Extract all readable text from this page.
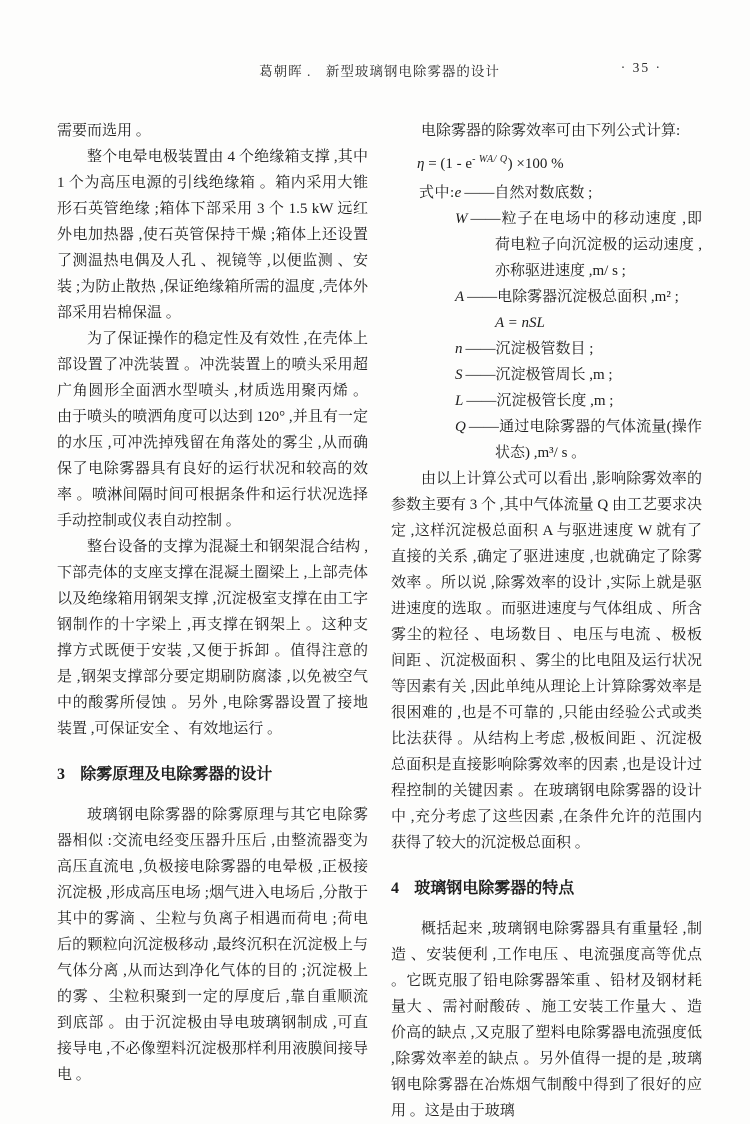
葛朝晖 .　新型玻璃钢电除雾器的设计	· 35 ·

需要而选用 。

整个电晕电极装置由 4 个绝缘箱支撑 ,其中 1 个为高压电源的引线绝缘箱 。箱内采用大锥形石英管绝缘 ;箱体下部采用 3 个 1.5 kW 远红外电加热器 ,使石英管保持干燥 ;箱体上还设置了测温热电偶及人孔 、视镜等 ,以便监测 、安装 ;为防止散热 ,保证绝缘箱所需的温度 ,壳体外部采用岩棉保温 。

为了保证操作的稳定性及有效性 ,在壳体上部设置了冲洗装置 。冲洗装置上的喷头采用超广角圆形全面洒水型喷头 ,材质选用聚丙烯 。由于喷头的喷洒角度可以达到 120° ,并且有一定的水压 ,可冲洗掉残留在角落处的雾尘 ,从而确保了电除雾器具有良好的运行状况和较高的效率 。喷淋间隔时间可根据条件和运行状况选择手动控制或仪表自动控制 。

整台设备的支撑为混凝土和钢架混合结构 ,下部壳体的支座支撑在混凝土圈梁上 ,上部壳体以及绝缘箱用钢架支撑 ,沉淀极室支撑在由工字钢制作的十字梁上 ,再支撑在钢架上 。这种支撑方式既便于安装 ,又便于拆卸 。值得注意的是 ,钢架支撑部分要定期刷防腐漆 ,以免被空气中的酸雾所侵蚀 。另外 ,电除雾器设置了接地装置 ,可保证安全 、有效地运行 。

3 除雾原理及电除雾器的设计

玻璃钢电除雾器的除雾原理与其它电除雾器相似 :交流电经变压器升压后 ,由整流器变为高压直流电 ,负极接电除雾器的电晕极 ,正极接沉淀极 ,形成高压电场 ;烟气进入电场后 ,分散于其中的雾滴 、尘粒与负离子相遇而荷电 ;荷电后的颗粒向沉淀极移动 ,最终沉积在沉淀极上与气体分离 ,从而达到净化气体的目的 ;沉淀极上的雾 、尘粒积聚到一定的厚度后 ,靠自重顺流到底部 。由于沉淀极由导电玻璃钢制成 ,可直接导电 ,不必像塑料沉淀极那样利用液膜间接导电 。

电除雾器的除雾效率可由下列公式计算:

$\eta = (1 - e^{- WA/ Q}) \times 100$ %
式中:e ——自然对数底数 ;
W ——粒子在电场中的移动速度 ,即荷电粒子向沉淀极的运动速度 ,亦称驱进速度 ,m/ s ;
A ——电除雾器沉淀极总面积 ,m² ;
A = nSL
n ——沉淀极管数目 ;
S ——沉淀极管周长 ,m ;
L ——沉淀极管长度 ,m ;
Q ——通过电除雾器的气体流量(操作状态) ,m³/ s 。

由以上计算公式可以看出 ,影响除雾效率的参数主要有 3 个 ,其中气体流量 Q 由工艺要求决定 ,这样沉淀极总面积 A 与驱进速度 W 就有了直接的关系 ,确定了驱进速度 ,也就确定了除雾效率 。所以说 ,除雾效率的设计 ,实际上就是驱进速度的选取 。而驱进速度与气体组成 、所含雾尘的粒径 、电场数目 、电压与电流 、极板间距 、沉淀极面积 、雾尘的比电阻及运行状况等因素有关 ,因此单纯从理论上计算除雾效率是很困难的 ,也是不可靠的 ,只能由经验公式或类比法获得 。从结构上考虑 ,极板间距 、沉淀极总面积是直接影响除雾效率的因素 ,也是设计过程控制的关键因素 。在玻璃钢电除雾器的设计中 ,充分考虑了这些因素 ,在条件允许的范围内获得了较大的沉淀极总面积 。

4 玻璃钢电除雾器的特点

概括起来 ,玻璃钢电除雾器具有重量轻 ,制造 、安装便利 ,工作电压 、电流强度高等优点 。它既克服了铅电除雾器笨重 、铅材及钢材耗量大 、需衬耐酸砖 、施工安装工作量大 、造价高的缺点 ,又克服了塑料电除雾器电流强度低 ,除雾效率差的缺点 。另外值得一提的是 ,玻璃钢电除雾器在冶炼烟气制酸中得到了很好的应用 。这是由于玻璃
